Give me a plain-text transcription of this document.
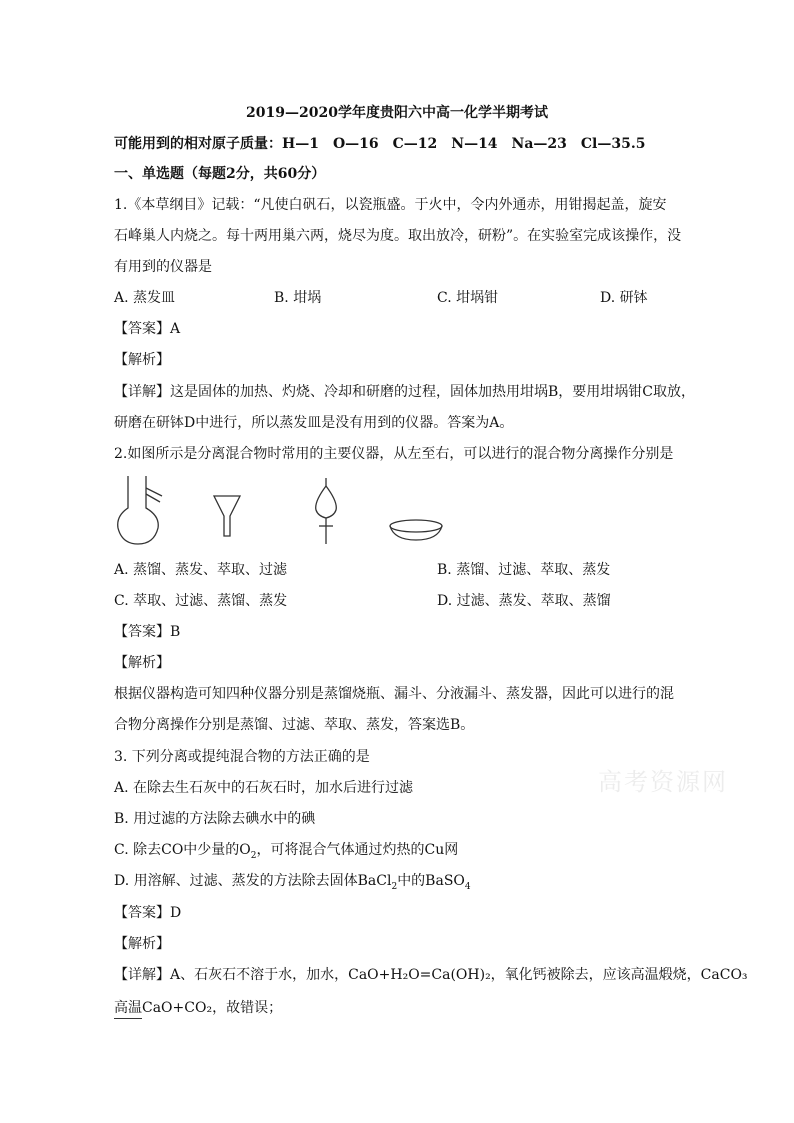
2019—2020学年度贵阳六中高一化学半期考试
可能用到的相对原子质量：H—1　O—16　C—12　N—14　Na—23　Cl—35.5
一、单选题（每题2分，共60分）
1.《本草纲目》记载：“凡使白矾石，以瓷瓶盛。于火中，令内外通赤，用钳揭起盖，旋安
石峰巢人内烧之。每十两用巢六两，烧尽为度。取出放冷，研粉”。在实验室完成该操作，没
有用到的仪器是
A. 蒸发皿	B. 坩埚	C. 坩埚钳	D. 研钵
【答案】A
【解析】
【详解】这是固体的加热、灼烧、冷却和研磨的过程，固体加热用坩埚B，要用坩埚钳C取放，
研磨在研钵D中进行，所以蒸发皿是没有用到的仪器。答案为A。
2.如图所示是分离混合物时常用的主要仪器，从左至右，可以进行的混合物分离操作分别是
A. 蒸馏、蒸发、萃取、过滤	B. 蒸馏、过滤、萃取、蒸发
C. 萃取、过滤、蒸馏、蒸发	D. 过滤、蒸发、萃取、蒸馏
【答案】B
【解析】
根据仪器构造可知四种仪器分别是蒸馏烧瓶、漏斗、分液漏斗、蒸发器，因此可以进行的混
合物分离操作分别是蒸馏、过滤、萃取、蒸发，答案选B。
3. 下列分离或提纯混合物的方法正确的是
A. 在除去生石灰中的石灰石时，加水后进行过滤
B. 用过滤的方法除去碘水中的碘
C. 除去CO中少量的$O_2$，可将混合气体通过灼热的Cu网
D. 用溶解、过滤、蒸发的方法除去固体BaCl$_2$中的BaSO$_4$
【答案】D
【解析】
【详解】A、石灰石不溶于水，加水，CaO+H₂O=Ca(OH)₂，氧化钙被除去，应该高温煅烧，CaCO₃
高温CaO+CO₂，故错误；
高考资源网
